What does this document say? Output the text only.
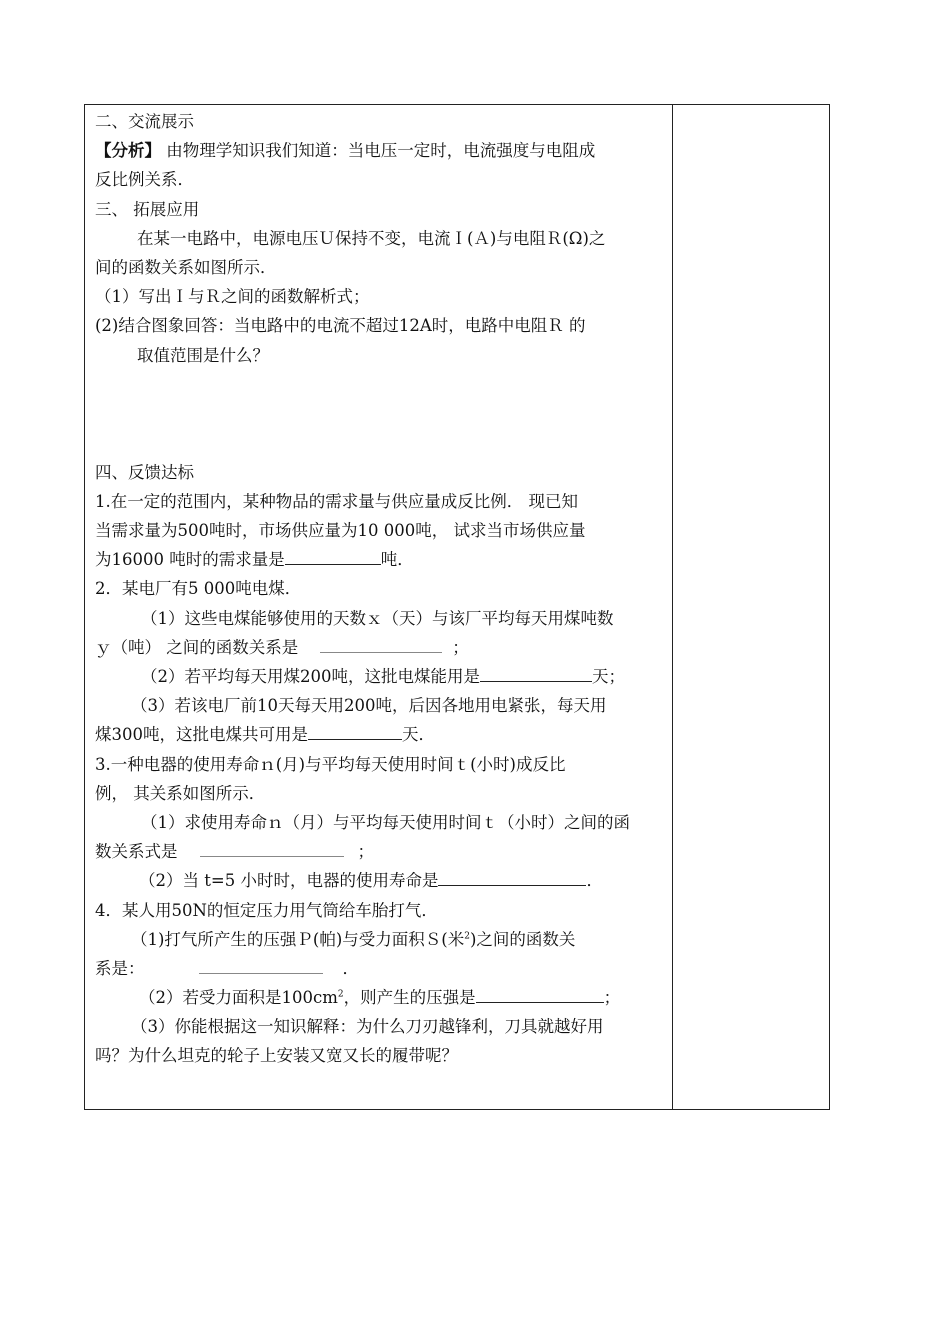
二、交流展示
【分析】 由物理学知识我们知道：当电压一定时，电流强度与电阻成
反比例关系．
三、 拓展应用
在某一电路中，电源电压Ｕ保持不变，电流Ｉ(Ａ)与电阻Ｒ(Ω)之
间的函数关系如图所示．
（1）写出Ｉ与Ｒ之间的函数解析式；
(2)结合图象回答：当电路中的电流不超过12A时，电路中电阻Ｒ 的
取值范围是什么？
四、反馈达标
1.在一定的范围内，某种物品的需求量与供应量成反比例． 现已知
当需求量为500吨时，市场供应量为10 000吨， 试求当市场供应量
为16000 吨时的需求量是	吨．
2．某电厂有5 000吨电煤．
（1）这些电煤能够使用的天数ｘ（天）与该厂平均每天用煤吨数
ｙ（吨） 之间的函数关系是	；
（2）若平均每天用煤200吨，这批电煤能用是	天；
（3）若该电厂前10天每天用200吨，后因各地用电紧张，每天用
煤300吨，这批电煤共可用是	天．
3.一种电器的使用寿命ｎ(月)与平均每天使用时间ｔ(小时)成反比
例， 其关系如图所示．
（1）求使用寿命ｎ（月）与平均每天使用时间ｔ（小时）之间的函
数关系式是	；
（2）当 t=5 小时时，电器的使用寿命是	．
4．某人用50N的恒定压力用气筒给车胎打气．
（1)打气所产生的压强Ｐ(帕)与受力面积Ｓ(米$^2$)之间的函数关
系是：	．
（2）若受力面积是$100cm^2$，则产生的压强是	；
（3）你能根据这一知识解释：为什么刀刃越锋利，刀具就越好用
吗？为什么坦克的轮子上安装又宽又长的履带呢？
